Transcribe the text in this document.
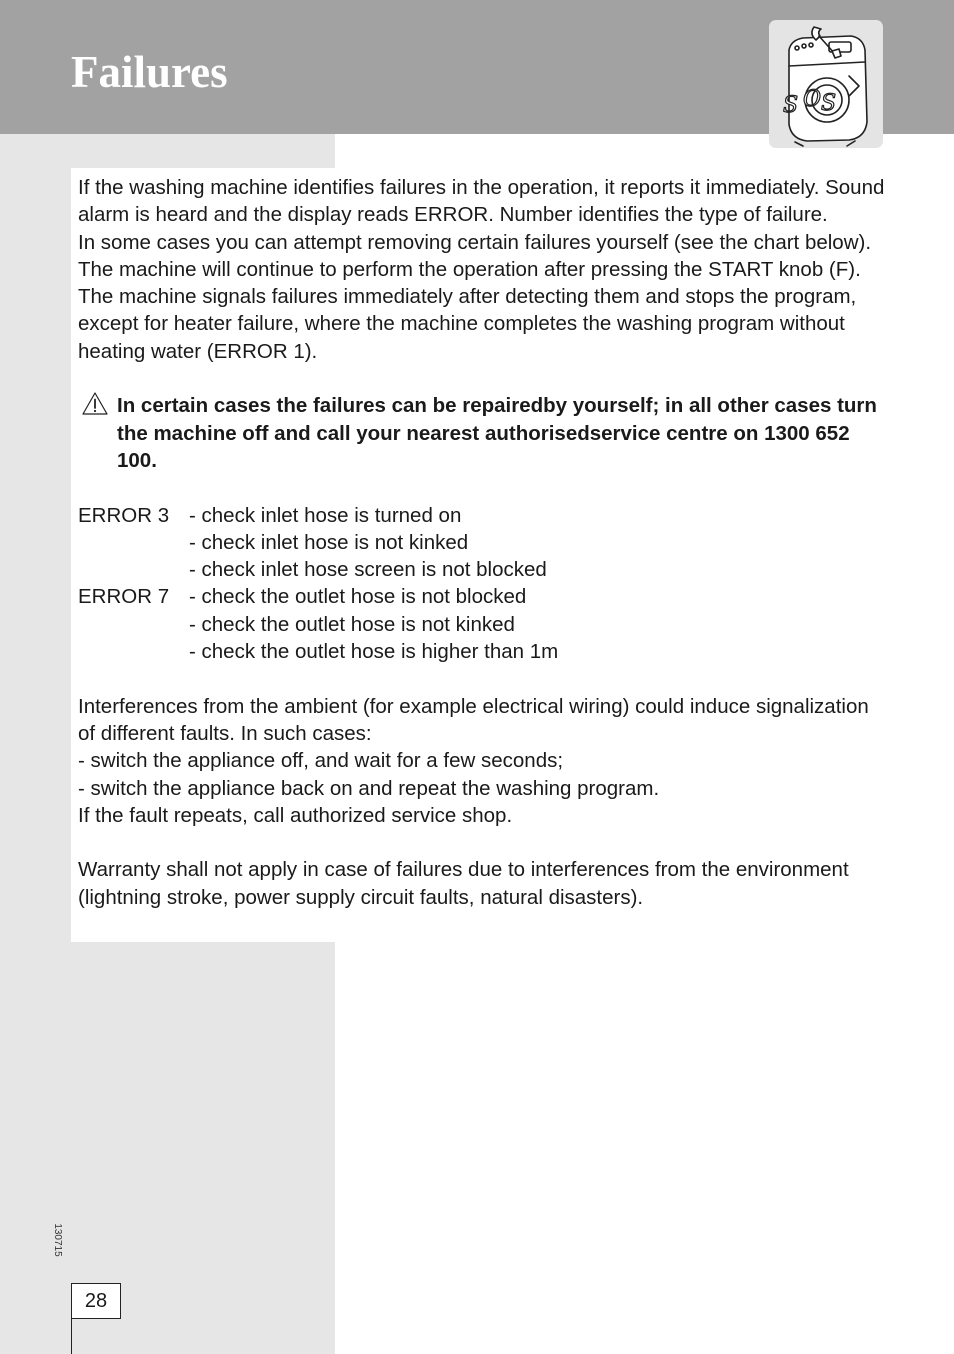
Failures
S O S

If the washing machine identifies failures in the operation, it reports it immediately. Sound alarm is heard and the display reads ERROR. Number identifies the type of failure.

In some cases you can attempt removing certain failures yourself (see the chart below). The machine will continue to perform the operation after pressing the START knob (F). The machine signals failures immediately after detecting them and stops the program, except for heater failure, where the machine completes the washing program without heating water (ERROR 1).

In certain cases the failures can be repairedby yourself; in all other cases turn the machine off and call your nearest authorisedservice centre on 1300 652 100.
ERROR 3 - check inlet hose is turned on
- check inlet hose is not kinked
- check inlet hose screen is not blocked
ERROR 7 - check the outlet hose is not blocked
- check the outlet hose is not kinked
- check the outlet hose is higher than 1m

Interferences from the ambient (for example electrical wiring) could induce signalization of different faults. In such cases:

- switch the appliance off, and wait for a few seconds;

- switch the appliance back on and repeat the washing program.

If the fault repeats, call authorized service shop.

Warranty shall not apply in case of failures due to interferences from the environment (lightning stroke, power supply circuit faults, natural disasters).

130715
28
